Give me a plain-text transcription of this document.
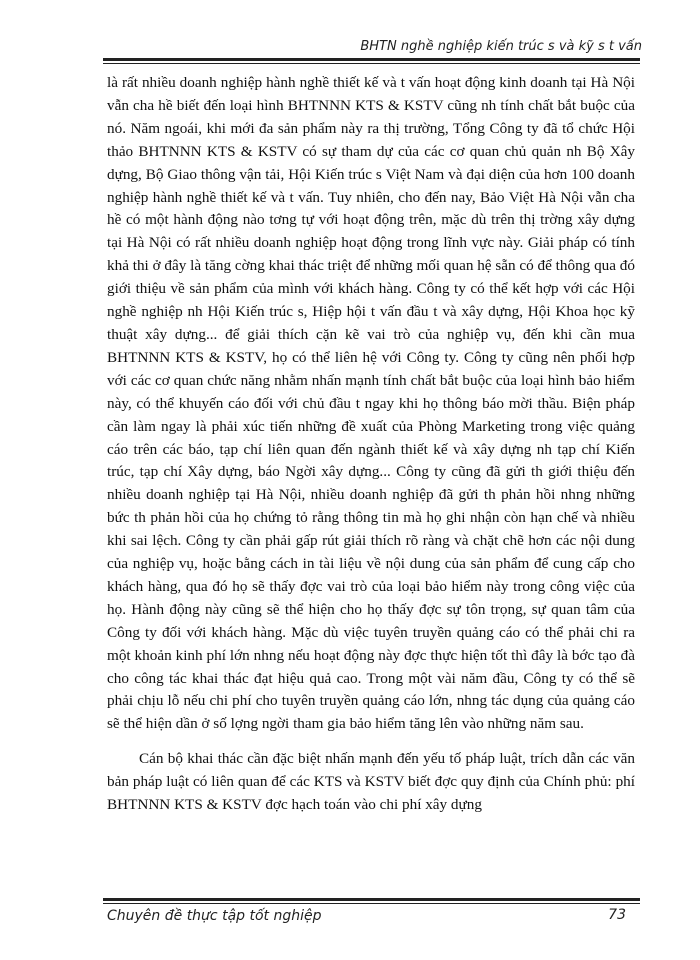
BHTN nghề nghiệp kiến trúc s và kỹ s t vấn

là rất nhiều doanh nghiệp hành nghề thiết kế và t vấn hoạt động kinh doanh tại Hà Nội vẫn cha hề biết đến loại hình BHTNNN KTS & KSTV cũng nh tính chất bắt buộc của nó. Năm ngoái, khi mới đa sản phẩm này ra thị trường, Tổng Công ty đã tổ chức Hội thảo BHTNNN KTS & KSTV có sự tham dự của các cơ quan chủ quản nh Bộ Xây dựng, Bộ Giao thông vận tải, Hội Kiến trúc s Việt Nam và đại diện của hơn 100 doanh nghiệp hành nghề thiết kế và t vấn. Tuy nhiên, cho đến nay, Bảo Việt Hà Nội vẫn cha hề có một hành động nào tơng tự với hoạt động trên, mặc dù trên thị trờng xây dựng tại Hà Nội có rất nhiều doanh nghiệp hoạt động trong lĩnh vực này. Giải pháp có tính khả thi ở đây là tăng cờng khai thác triệt để những mối quan hệ sẵn có để thông qua đó giới thiệu về sản phẩm của mình với khách hàng. Công ty có thể kết hợp với các Hội nghề nghiệp nh Hội Kiến trúc s, Hiệp hội t vấn đầu t và xây dựng, Hội Khoa học kỹ thuật xây dựng... để giải thích cặn kẽ vai trò của nghiệp vụ, đến khi cần mua BHTNNN KTS & KSTV, họ có thể liên hệ với Công ty. Công ty cũng nên phối hợp với các cơ quan chức năng nhằm nhấn mạnh tính chất bắt buộc của loại hình bảo hiểm này, có thể khuyến cáo đối với chủ đầu t ngay khi họ thông báo mời thầu. Biện pháp cần làm ngay là phải xúc tiến những đề xuất của Phòng Marketing trong việc quảng cáo trên các báo, tạp chí liên quan đến ngành thiết kế và xây dựng nh tạp chí Kiến trúc, tạp chí Xây dựng, báo Ngời xây dựng... Công ty cũng đã gửi th giới thiệu đến nhiều doanh nghiệp tại Hà Nội, nhiều doanh nghiệp đã gửi th phản hồi nhng những bức th phản hồi của họ chứng tỏ rằng thông tin mà họ ghi nhận còn hạn chế và nhiều khi sai lệch. Công ty cần phải gấp rút giải thích rõ ràng và chặt chẽ hơn các nội dung của nghiệp vụ, hoặc bằng cách in tài liệu về nội dung của sản phẩm để cung cấp cho khách hàng, qua đó họ sẽ thấy đợc vai trò của loại bảo hiểm này trong công việc của họ. Hành động này cũng sẽ thể hiện cho họ thấy đợc sự tôn trọng, sự quan tâm của Công ty đối với khách hàng. Mặc dù việc tuyên truyền quảng cáo có thể phải chi ra một khoản kinh phí lớn nhng nếu hoạt động này đợc thực hiện tốt thì đây là bớc tạo đà cho công tác khai thác đạt hiệu quả cao. Trong một vài năm đầu, Công ty có thể sẽ phải chịu lỗ nếu chi phí cho tuyên truyền quảng cáo lớn, nhng tác dụng của quảng cáo sẽ thể hiện dần ở số lợng ngời tham gia bảo hiểm tăng lên vào những năm sau.

Cán bộ khai thác cần đặc biệt nhấn mạnh đến yếu tố pháp luật, trích dẫn các văn bản pháp luật có liên quan để các KTS và KSTV biết đợc quy định của Chính phủ: phí BHTNNN KTS & KSTV đợc hạch toán vào chi phí xây dựng

Chuyên đề thực tập tốt nghiệp	73
